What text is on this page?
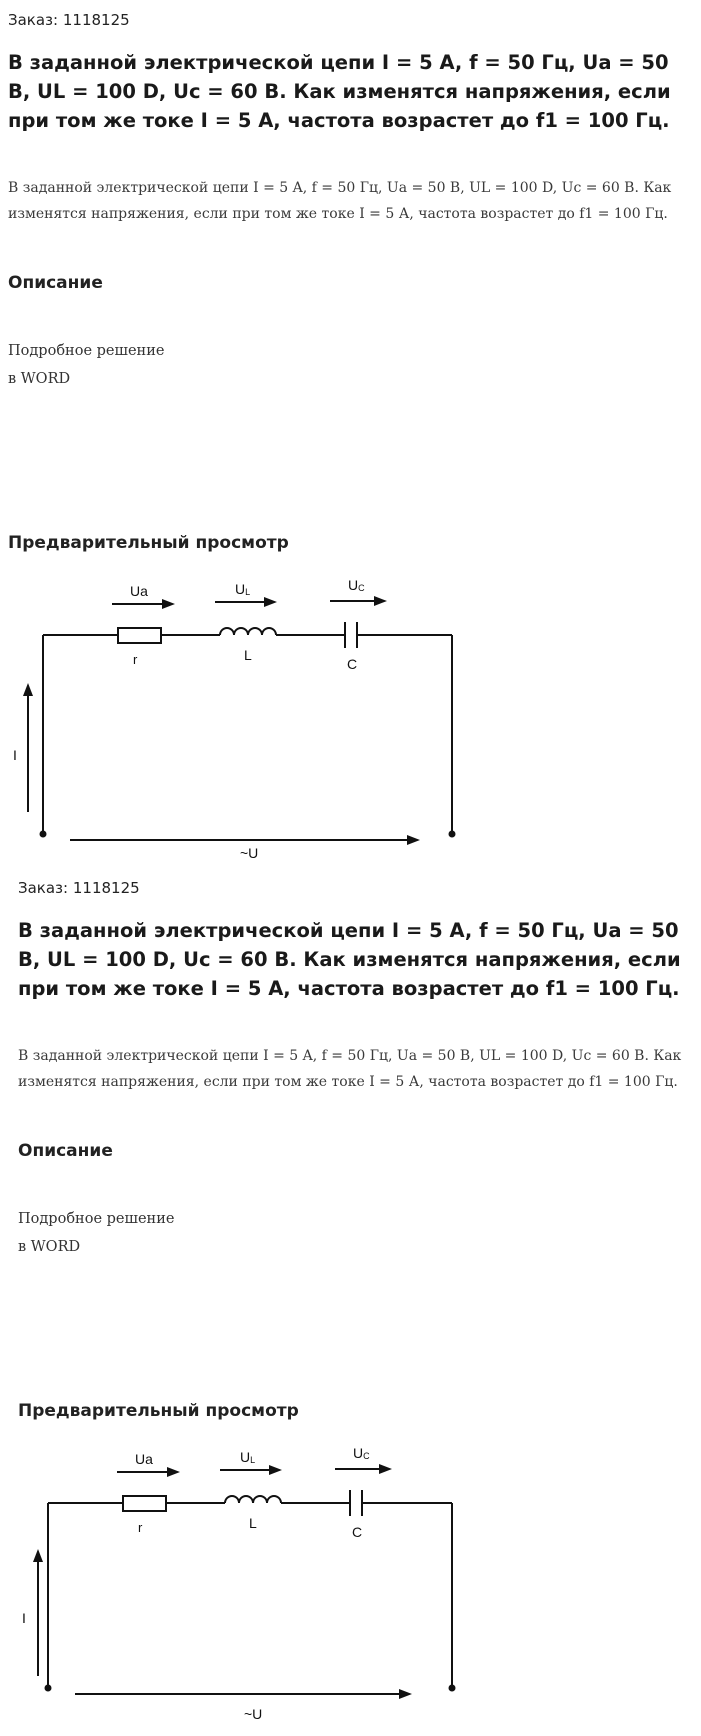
Заказ: 1118125
В заданной электрической цепи I = 5 A, f = 50 Гц, Ua = 50 В, UL = 100 D, Uc = 60 В. Как изменятся напряжения, если при том же токе I = 5 А, частота возрастет до f1 = 100 Гц.
В заданной электрической цепи I = 5 A, f = 50 Гц, Ua = 50 В, UL = 100 D, Uc = 60 В. Как изменятся напряжения, если при том же токе I = 5 А, частота возрастет до f1 = 100 Гц.
Описание
Подробное решение
в WORD
Предварительный просмотр
Ua	UL	UC
r	L
C
I
~U
Заказ: 1118125
В заданной электрической цепи I = 5 A, f = 50 Гц, Ua = 50 В, UL = 100 D, Uc = 60 В. Как изменятся напряжения, если при том же токе I = 5 А, частота возрастет до f1 = 100 Гц.
В заданной электрической цепи I = 5 A, f = 50 Гц, Ua = 50 В, UL = 100 D, Uc = 60 В. Как изменятся напряжения, если при том же токе I = 5 А, частота возрастет до f1 = 100 Гц.
Описание
Подробное решение
в WORD
Предварительный просмотр
Ua	UL	UC
r	L
C
I
~U
